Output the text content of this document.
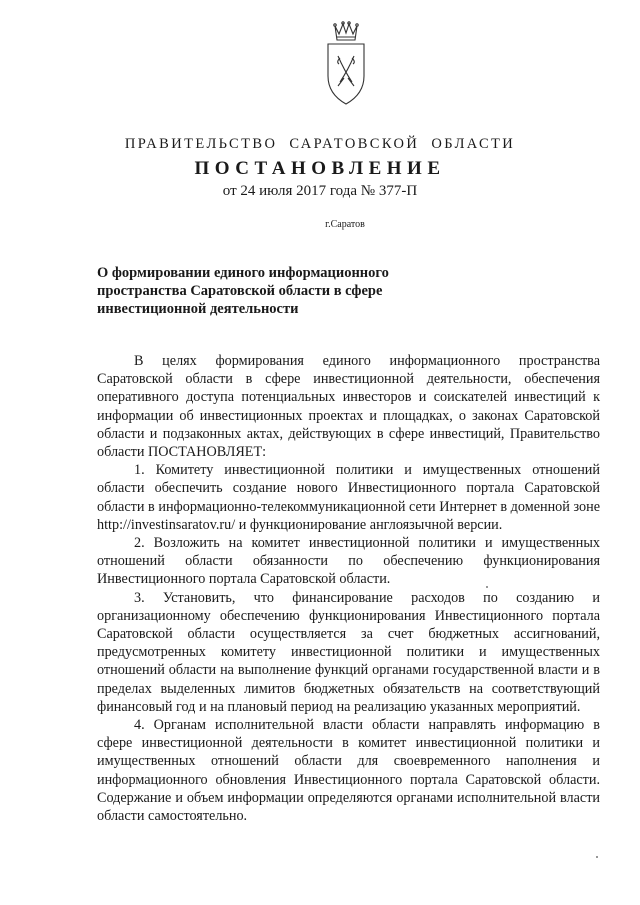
ПРАВИТЕЛЬСТВО САРАТОВСКОЙ ОБЛАСТИ
ПОСТАНОВЛЕНИЕ
от 24 июля 2017 года № 377-П
г.Саратов
О формировании единого информационного пространства Саратовской области в сфере инвестиционной деятельности

В целях формирования единого информационного пространства Саратовской области в сфере инвестиционной деятельности, обеспечения оперативного доступа потенциальных инвесторов и соискателей инвестиций к информации об инвестиционных проектах и площадках, о законах Саратовской области и подзаконных актах, действующих в сфере инвестиций, Правительство области ПОСТАНОВЛЯЕТ:

1. Комитету инвестиционной политики и имущественных отношений области обеспечить создание нового Инвестиционного портала Саратовской области в информационно-телекоммуникационной сети Интернет в доменной зоне http://investinsaratov.ru/ и функционирование англоязычной версии.

2. Возложить на комитет инвестиционной политики и имущественных отношений области обязанности по обеспечению функционирования Инвестиционного портала Саратовской области.

3. Установить, что финансирование расходов по созданию и организационному обеспечению функционирования Инвестиционного портала Саратовской области осуществляется за счет бюджетных ассигнований, предусмотренных комитету инвестиционной политики и имущественных отношений области на выполнение функций органами государственной власти и в пределах выделенных лимитов бюджетных обязательств на соответствующий финансовый год и на плановый период на реализацию указанных мероприятий.

4. Органам исполнительной власти области направлять информацию в сфере инвестиционной деятельности в комитет инвестиционной политики и имущественных отношений области для своевременного наполнения и информационного обновления Инвестиционного портала Саратовской области. Содержание и объем информации определяются органами исполнительной власти области самостоятельно.
